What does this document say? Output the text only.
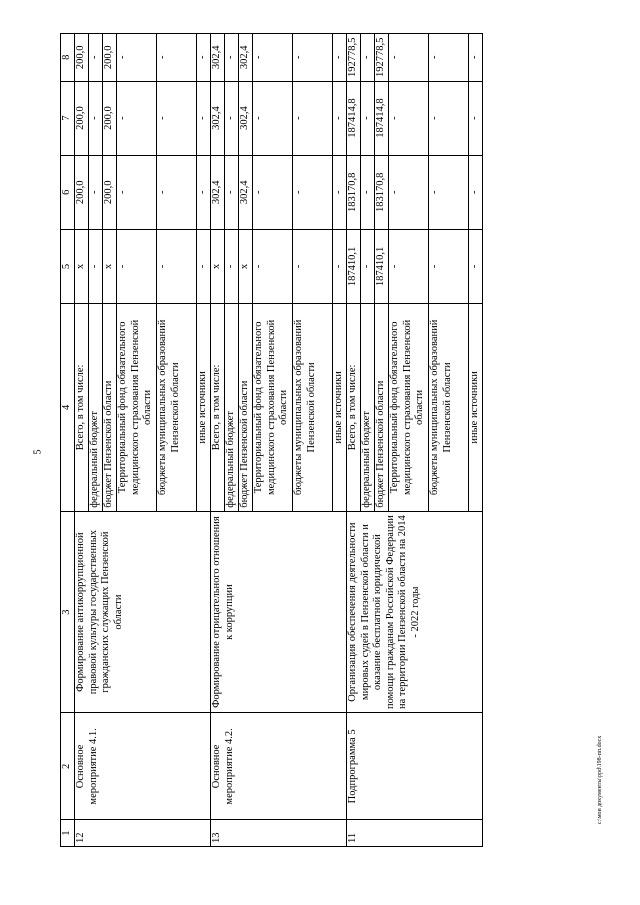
5
c:\мои документы\ppd\198-пп.docx
1	2	3	4	5	6	7	8
12	Основное мероприятие 4.1.	Формирование антикоррупционной правовой культуры государственных гражданских служащих Пензенской области	Всего, в том числе:	x	200,0	200,0	200,0
			федеральный бюджет	-	-	-	-
			бюджет Пензенской области	x	200,0	200,0	200,0
			Территориальный фонд обязательного медицинского страхования Пензенской области	-	-	-	-
			бюджеты муниципальных образований Пензенской области	-	-	-	-
			иные источники	-	-	-	-
13	Основное мероприятие 4.2.	Формирование отрицательного отношения к коррупции	Всего, в том числе:	x	302,4	302,4	302,4
			федеральный бюджет	-	-	-	-
			бюджет Пензенской области	x	302,4	302,4	302,4
			Территориальный фонд обязательного медицинского страхования Пензенской области	-	-	-	-
			бюджеты муниципальных образований Пензенской области	-	-	-	-
			иные источники	-	-	-	-
11	Подпрограмма 5	Организация обеспечения деятельности мировых судей в Пензенской области и оказание бесплатной юридической помощи гражданам Российской Федерации на территории Пензенской области на 2014 - 2022 годы	Всего, в том числе:	187410,1	183170,8	187414,8	192778,5
			федеральный бюджет	-	-	-	-
			бюджет Пензенской области	187410,1	183170,8	187414,8	192778,5
			Территориальный фонд обязательного медицинского страхования Пензенской области	-	-	-	-
			бюджеты муниципальных образований Пензенской области	-	-	-	-
			иные источники	-	-	-	-
